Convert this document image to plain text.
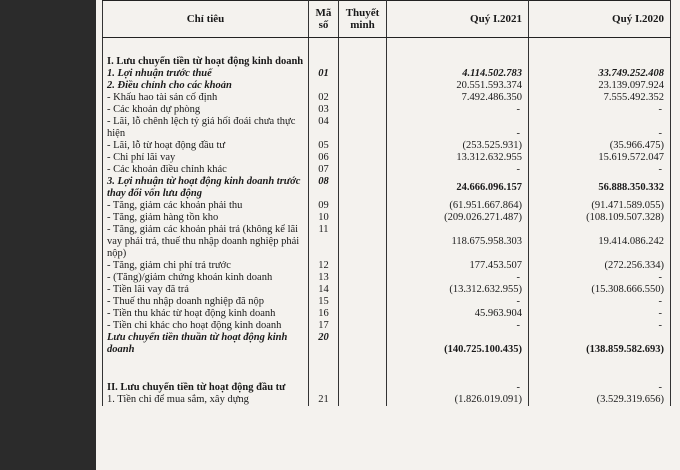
Chỉ tiêu	Mã số	Thuyết minh	Quý I.2021	Quý I.2020

I. Lưu chuyển tiền từ hoạt động kinh doanh				
1. Lợi nhuận trước thuế	01		4.114.502.783	33.749.252.408
2. Điều chỉnh cho các khoản			20.551.593.374	23.139.097.924
- Khấu hao tài sản cố định	02		7.492.486.350	7.555.492.352
- Các khoản dự phòng	03		-	-
- Lãi, lỗ chênh lệch tỷ giá hối đoái chưa thực hiện	04		-	-
- Lãi, lỗ từ hoạt động đầu tư	05		(253.525.931)	(35.966.475)
- Chi phí lãi vay	06		13.312.632.955	15.619.572.047
- Các khoản điều chỉnh khác	07		-	-
3. Lợi nhuận từ hoạt động kinh doanh trước thay đổi vốn lưu động	08		24.666.096.157	56.888.350.332
- Tăng, giảm các khoản phải thu	09		(61.951.667.864)	(91.471.589.055)
- Tăng, giảm hàng tồn kho	10		(209.026.271.487)	(108.109.507.328)
- Tăng, giảm các khoản phải trả (không kể lãi vay phải trả, thuế thu nhập doanh nghiệp phải nộp)	11		118.675.958.303	19.414.086.242
- Tăng, giảm chi phí trả trước	12		177.453.507	(272.256.334)
- (Tăng)/giảm chứng khoán kinh doanh	13		-	-
- Tiền lãi vay đã trả	14		(13.312.632.955)	(15.308.666.550)
- Thuế thu nhập doanh nghiệp đã nộp	15		-	-
- Tiền thu khác từ hoạt động kinh doanh	16		45.963.904	-
- Tiền chi khác cho hoạt động kinh doanh	17		-	-
Lưu chuyển tiền thuần từ hoạt động kinh doanh	20		(140.725.100.435)	(138.859.582.693)

II. Lưu chuyển tiền từ hoạt động đầu tư			-	-
1. Tiền chi để mua sắm, xây dựng	21		(1.826.019.091)	(3.529.319.656)
